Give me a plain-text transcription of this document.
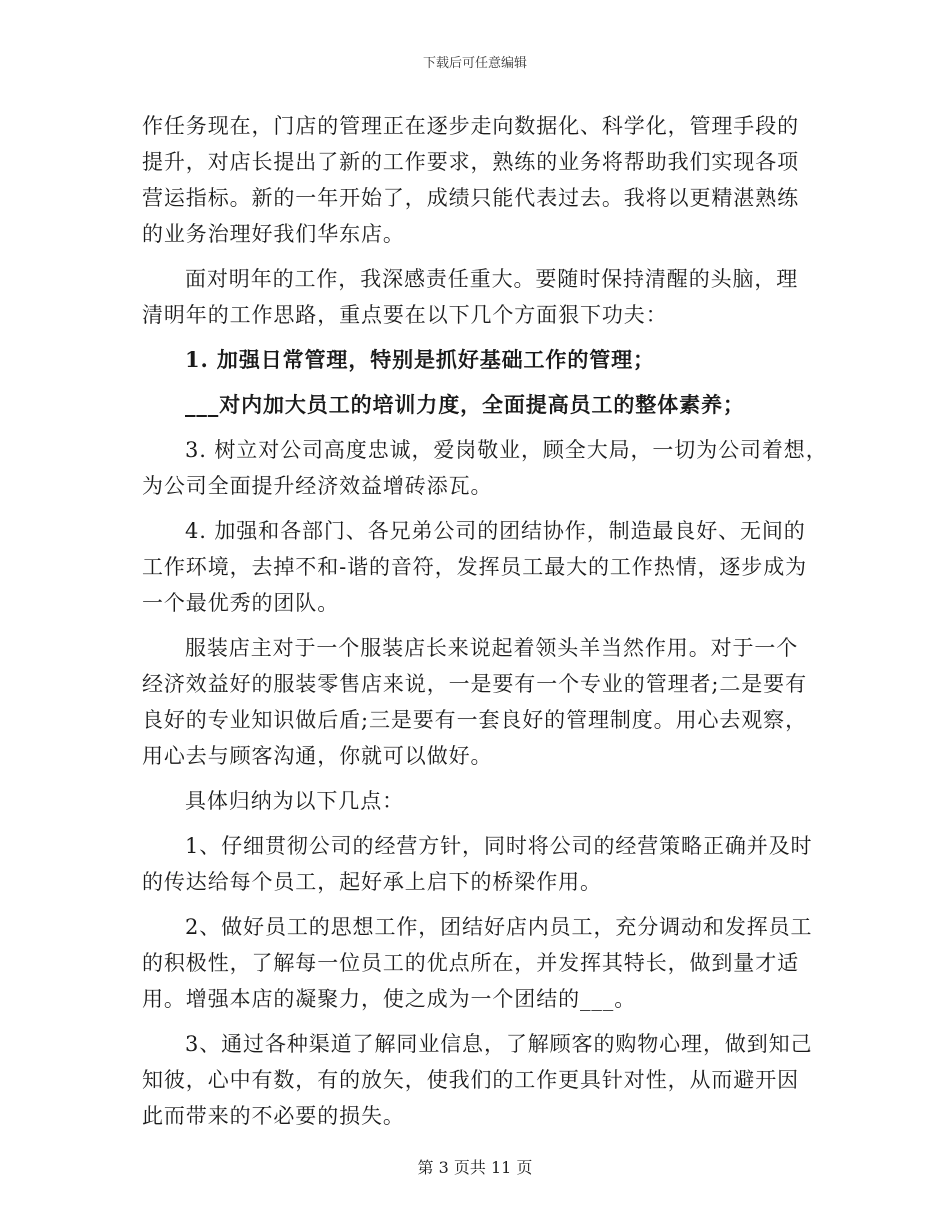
下载后可任意编辑
作任务现在，门店的管理正在逐步走向数据化、科学化，管理手段的
提升，对店长提出了新的工作要求，熟练的业务将帮助我们实现各项
营运指标。新的一年开始了，成绩只能代表过去。我将以更精湛熟练
的业务治理好我们华东店。
面对明年的工作，我深感责任重大。要随时保持清醒的头脑，理
清明年的工作思路，重点要在以下几个方面狠下功夫：
1. 加强日常管理，特别是抓好基础工作的管理；
___对内加大员工的培训力度，全面提高员工的整体素养；
3. 树立对公司高度忠诚，爱岗敬业，顾全大局，一切为公司着想，
为公司全面提升经济效益增砖添瓦。
4. 加强和各部门、各兄弟公司的团结协作，制造最良好、无间的
工作环境，去掉不和-谐的音符，发挥员工最大的工作热情，逐步成为
一个最优秀的团队。
服装店主对于一个服装店长来说起着领头羊当然作用。对于一个
经济效益好的服装零售店来说，一是要有一个专业的管理者;二是要有
良好的专业知识做后盾;三是要有一套良好的管理制度。用心去观察，
用心去与顾客沟通，你就可以做好。
具体归纳为以下几点：
1、仔细贯彻公司的经营方针，同时将公司的经营策略正确并及时
的传达给每个员工，起好承上启下的桥梁作用。
2、做好员工的思想工作，团结好店内员工，充分调动和发挥员工
的积极性，了解每一位员工的优点所在，并发挥其特长，做到量才适
用。增强本店的凝聚力，使之成为一个团结的___。
3、通过各种渠道了解同业信息，了解顾客的购物心理，做到知己
知彼，心中有数，有的放矢，使我们的工作更具针对性，从而避开因
此而带来的不必要的损失。
第 3 页共 11 页
